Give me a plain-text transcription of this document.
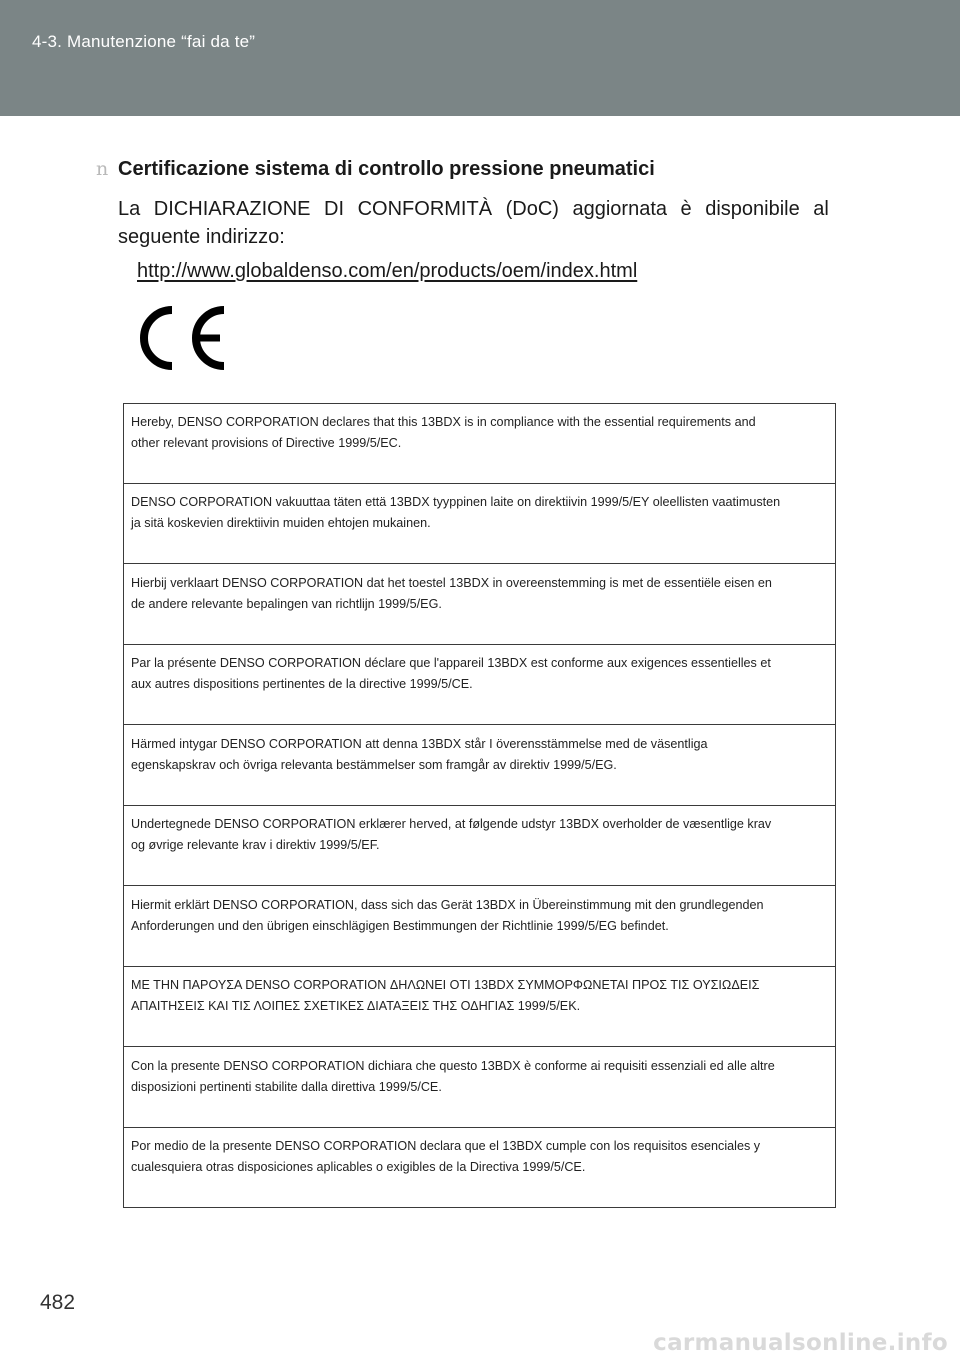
4-3. Manutenzione “fai da te”
n Certificazione sistema di controllo pressione pneumatici
La DICHIARAZIONE DI CONFORMITÀ (DoC) aggiornata è disponibile al
seguente indirizzo:
http://www.globaldenso.com/en/products/oem/index.html
Hereby, DENSO CORPORATION declares that this 13BDX is in compliance with the essential requirements and
other relevant provisions of Directive 1999/5/EC.
DENSO CORPORATION vakuuttaa täten että 13BDX tyyppinen laite on direktiivin 1999/5/EY oleellisten vaatimusten
ja sitä koskevien direktiivin muiden ehtojen mukainen.
Hierbij verklaart DENSO CORPORATION dat het toestel 13BDX in overeenstemming is met de essentiële eisen en
de andere relevante bepalingen van richtlijn 1999/5/EG.
Par la présente DENSO CORPORATION déclare que l'appareil 13BDX est conforme aux exigences essentielles et
aux autres dispositions pertinentes de la directive 1999/5/CE.
Härmed intygar DENSO CORPORATION att denna 13BDX står I överensstämmelse med de väsentliga
egenskapskrav och övriga relevanta bestämmelser som framgår av direktiv 1999/5/EG.
Undertegnede DENSO CORPORATION erklærer herved, at følgende udstyr 13BDX overholder de væsentlige krav
og øvrige relevante krav i direktiv 1999/5/EF.
Hiermit erklärt DENSO CORPORATION, dass sich das Gerät 13BDX in Übereinstimmung mit den grundlegenden
Anforderungen und den übrigen einschlägigen Bestimmungen der Richtlinie 1999/5/EG befindet.
ΜΕ ΤΗΝ ΠΑΡΟΥΣΑ DENSO CORPORATION ΔΗΛΩΝΕΙ ΟΤΙ 13BDX ΣΥΜΜΟΡΦΩΝΕΤΑΙ ΠΡΟΣ ΤΙΣ ΟΥΣΙΩΔΕΙΣ
ΑΠΑΙΤΗΣΕΙΣ ΚΑΙ ΤΙΣ ΛΟΙΠΕΣ ΣΧΕΤΙΚΕΣ ΔΙΑΤΑΞΕΙΣ ΤΗΣ ΟΔΗΓΙΑΣ 1999/5/ΕΚ.
Con la presente DENSO CORPORATION dichiara che questo 13BDX è conforme ai requisiti essenziali ed alle altre
disposizioni pertinenti stabilite dalla direttiva 1999/5/CE.
Por medio de la presente DENSO CORPORATION declara que el 13BDX cumple con los requisitos esenciales y
cualesquiera otras disposiciones aplicables o exigibles de la Directiva 1999/5/CE.
482
carmanualsonline.info
